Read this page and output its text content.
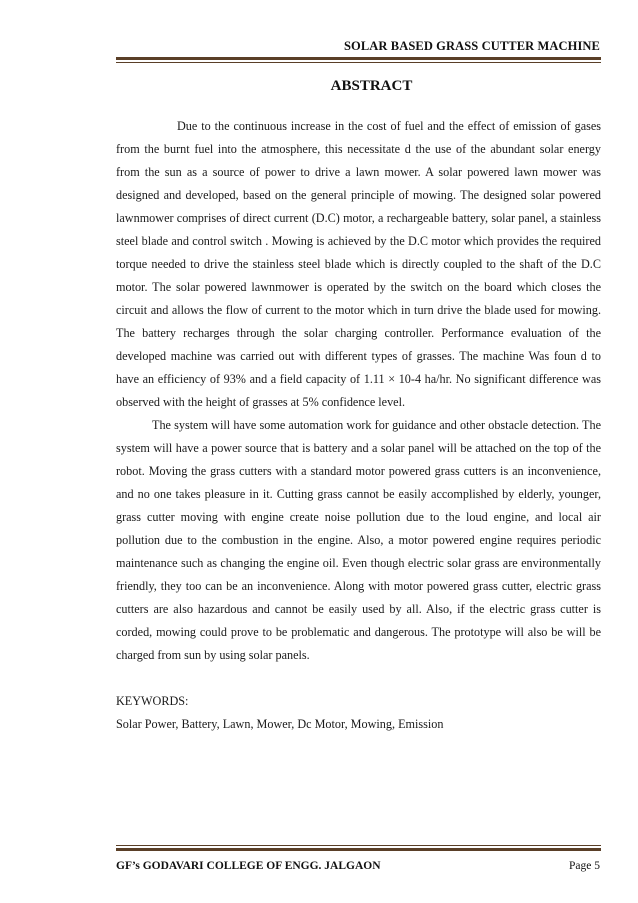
SOLAR BASED GRASS CUTTER MACHINE
ABSTRACT

Due to the continuous increase in the cost of fuel and the effect of emission of gases from the burnt fuel into the atmosphere, this necessitate d the use of the abundant solar energy from the sun as a source of power to drive a lawn mower. A solar powered lawn mower was designed and developed, based on the general principle of mowing. The designed solar powered lawnmower comprises of direct current (D.C) motor, a rechargeable battery, solar panel, a stainless steel blade and control switch . Mowing is achieved by the D.C motor which provides the required torque needed to drive the stainless steel blade which is directly coupled to the shaft of the D.C motor. The solar powered lawnmower is operated by the switch on the board which closes the circuit and allows the flow of current to the motor which in turn drive the blade used for mowing. The battery recharges through the solar charging controller. Performance evaluation of the developed machine was carried out with different types of grasses. The machine Was foun d to have an efficiency of 93% and a field capacity of 1.11 × 10-4 ha/hr. No significant difference was observed with the height of grasses at 5% confidence level.

The system will have some automation work for guidance and other obstacle detection. The system will have a power source that is battery and a solar panel will be attached on the top of the robot. Moving the grass cutters with a standard motor powered grass cutters is an inconvenience, and no one takes pleasure in it. Cutting grass cannot be easily accomplished by elderly, younger, grass cutter moving with engine create noise pollution due to the loud engine, and local air pollution due to the combustion in the engine. Also, a motor powered engine requires periodic maintenance such as changing the engine oil. Even though electric solar grass are environmentally friendly, they too can be an inconvenience. Along with motor powered grass cutter, electric grass cutters are also hazardous and cannot be easily used by all. Also, if the electric grass cutter is corded, mowing could prove to be problematic and dangerous. The prototype will also be will be charged from sun by using solar panels.

KEYWORDS:

Solar Power, Battery, Lawn, Mower, Dc Motor, Mowing, Emission

GF’s GODAVARI COLLEGE OF ENGG. JALGAON	Page 5
